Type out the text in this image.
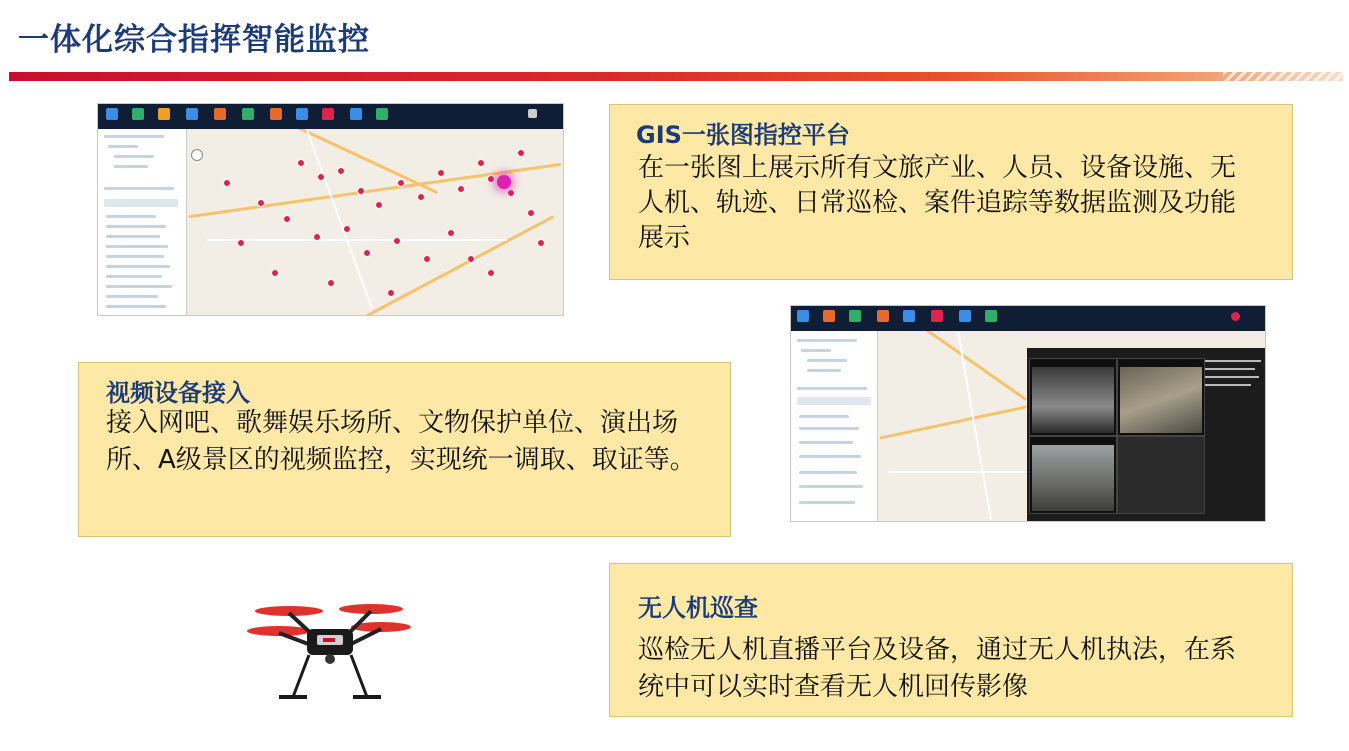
一体化综合指挥智能监控
GIS一张图指控平台

在一张图上展示所有文旅产业、人员、设备设施、无人机、轨迹、日常巡检、案件追踪等数据监测及功能展示

视频设备接入

接入网吧、歌舞娱乐场所、文物保护单位、演出场所、A级景区的视频监控，实现统一调取、取证等。

无人机巡查

巡检无人机直播平台及设备，通过无人机执法，在系统中可以实时查看无人机回传影像
